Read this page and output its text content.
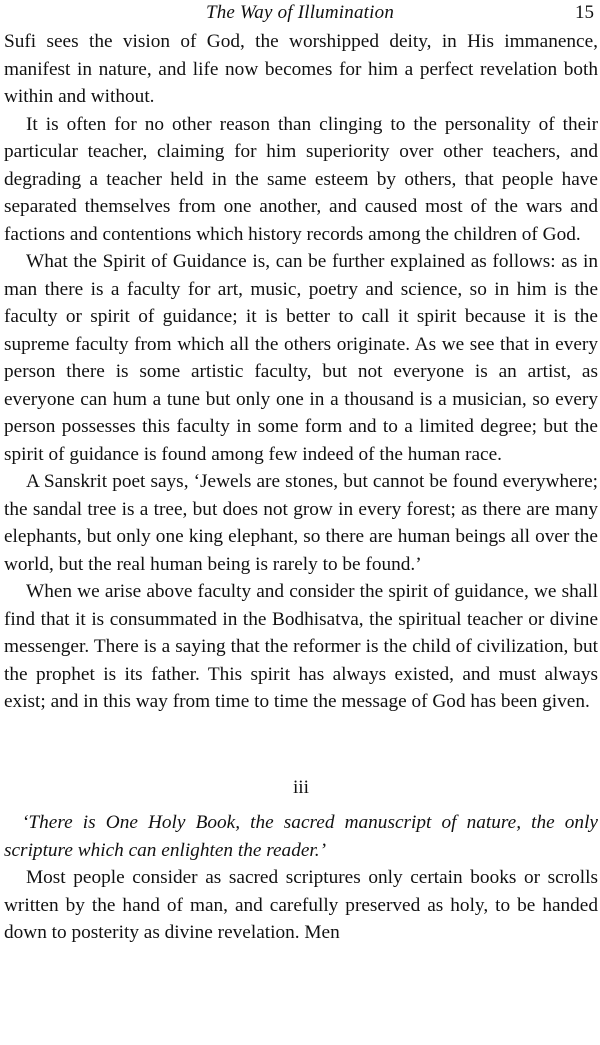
The Way of Illumination	15

Sufi sees the vision of God, the worshipped deity, in His immanence, manifest in nature, and life now becomes for him a perfect revelation both within and without.

It is often for no other reason than clinging to the personality of their particular teacher, claiming for him superiority over other teachers, and degrading a teacher held in the same esteem by others, that people have separated themselves from one another, and caused most of the wars and factions and contentions which history records among the children of God.

What the Spirit of Guidance is, can be further explained as follows: as in man there is a faculty for art, music, poetry and science, so in him is the faculty or spirit of guidance; it is better to call it spirit because it is the supreme faculty from which all the others originate. As we see that in every person there is some artistic faculty, but not everyone is an artist, as everyone can hum a tune but only one in a thousand is a musician, so every person possesses this faculty in some form and to a limited degree; but the spirit of guidance is found among few indeed of the human race.

A Sanskrit poet says, ‘Jewels are stones, but cannot be found everywhere; the sandal tree is a tree, but does not grow in every forest; as there are many elephants, but only one king elephant, so there are human beings all over the world, but the real human being is rarely to be found.’

When we arise above faculty and consider the spirit of guidance, we shall find that it is consummated in the Bodhisatva, the spiritual teacher or divine messenger. There is a saying that the reformer is the child of civilization, but the prophet is its father. This spirit has always existed, and must always exist; and in this way from time to time the message of God has been given.

iii

‘There is One Holy Book, the sacred manuscript of nature, the only scripture which can enlighten the reader.’

Most people consider as sacred scriptures only certain books or scrolls written by the hand of man, and carefully preserved as holy, to be handed down to posterity as divine revelation. Men
